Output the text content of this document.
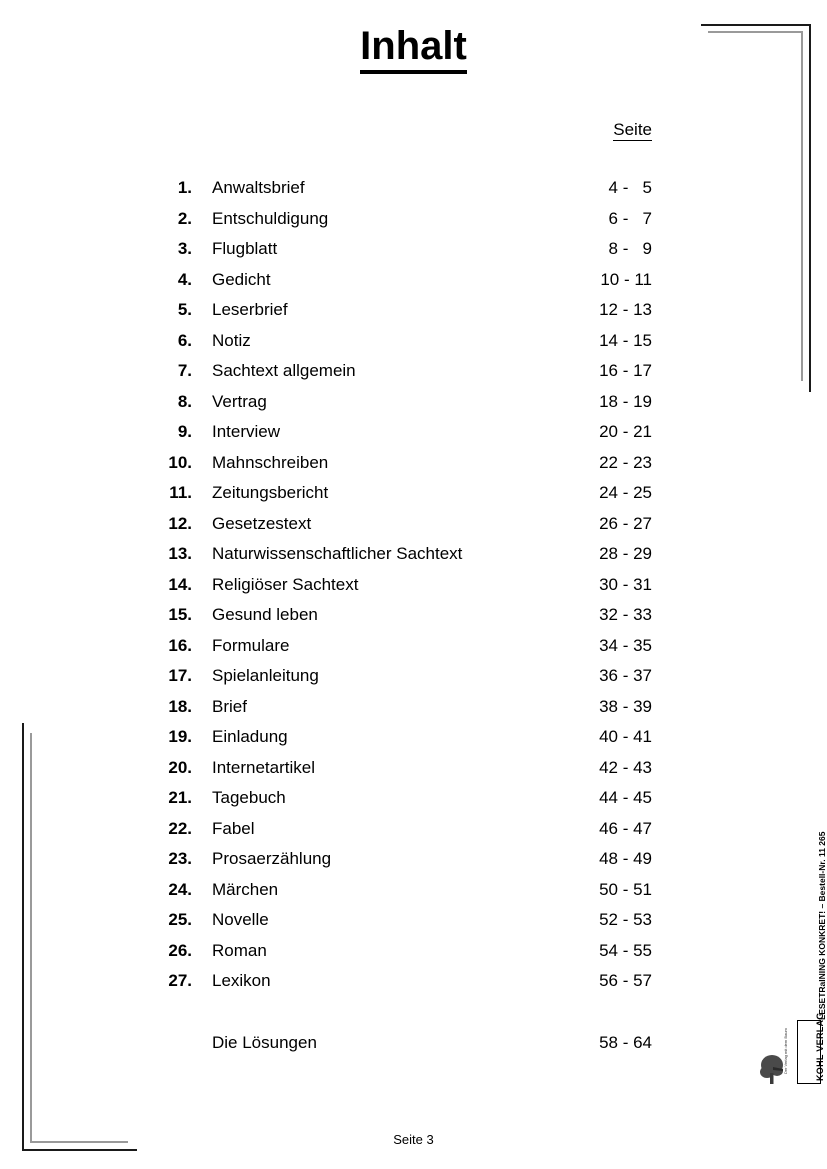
Inhalt
Seite
1.	Anwaltsbrief	4 -   5
2.	Entschuldigung	6 -   7
3.	Flugblatt	8 -   9
4.	Gedicht	10 - 11
5.	Leserbrief	12 - 13
6.	Notiz	14 - 15
7.	Sachtext allgemein	16 - 17
8.	Vertrag	18 - 19
9.	Interview	20 - 21
10.	Mahnschreiben	22 - 23
11.	Zeitungsbericht	24 - 25
12.	Gesetzestext	26 - 27
13.	Naturwissenschaftlicher Sachtext	28 - 29
14.	Religiöser Sachtext	30 - 31
15.	Gesund leben	32 - 33
16.	Formulare	34 - 35
17.	Spielanleitung	36 - 37
18.	Brief	38 - 39
19.	Einladung	40 - 41
20.	Internetartikel	42 - 43
21.	Tagebuch	44 - 45
22.	Fabel	46 - 47
23.	Prosaerzählung	48 - 49
24.	Märchen	50 - 51
25.	Novelle	52 - 53
26.	Roman	54 - 55
27.	Lexikon	56 - 57
Die Lösungen	58 - 64
LESETRaINING KONKRET! – Bestell-Nr. 11 265
KOHL VERLAG
Der Verlag mit dem Baum
Seite 3
